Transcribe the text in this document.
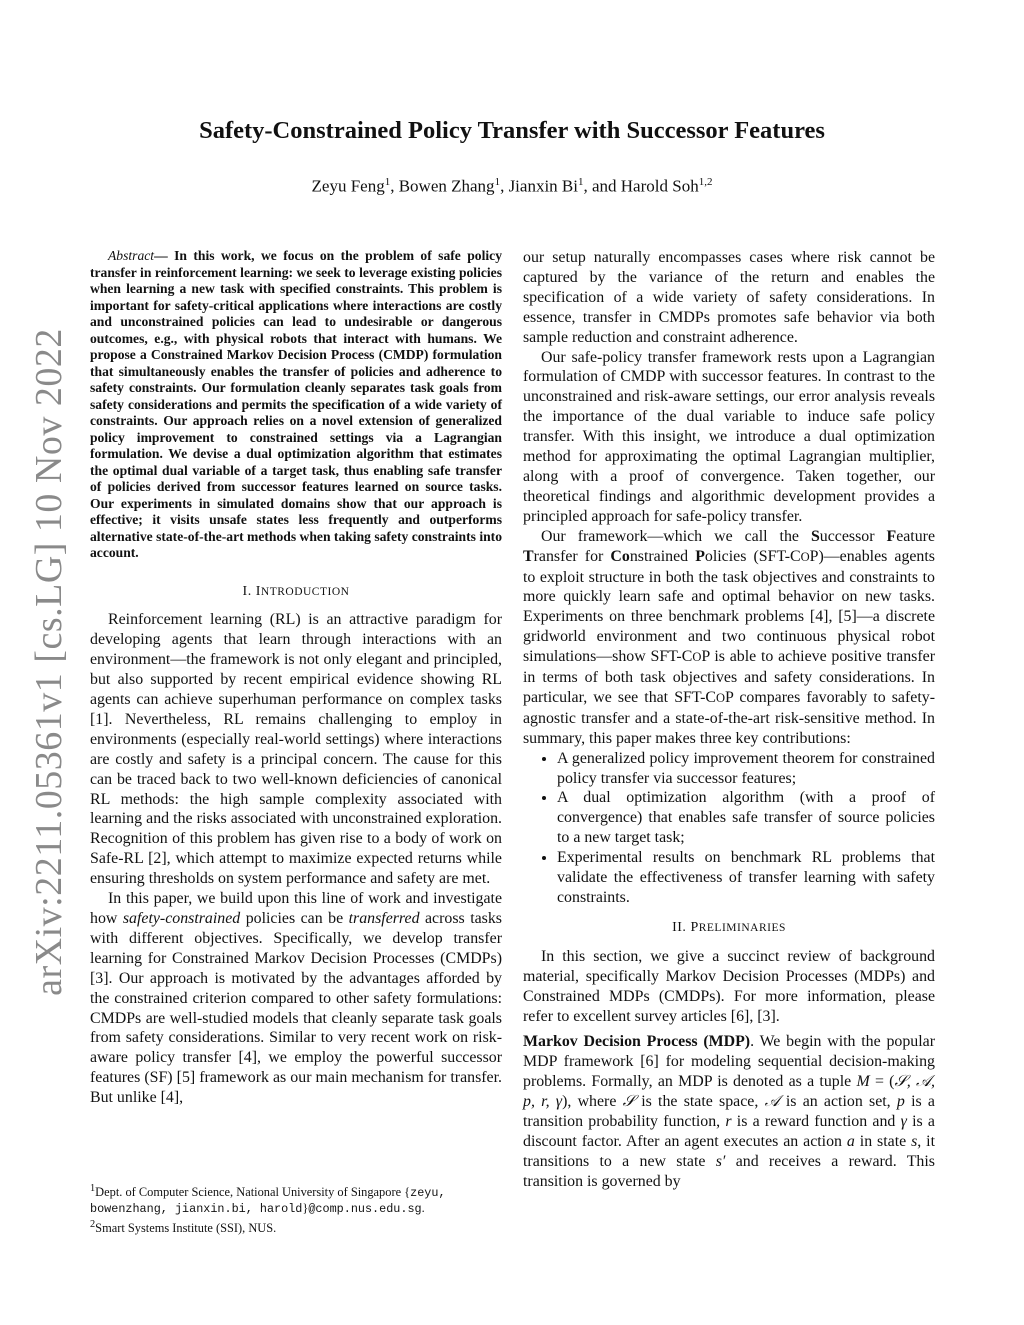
arXiv:2211.05361v1 [cs.LG] 10 Nov 2022
Safety-Constrained Policy Transfer with Successor Features
Zeyu Feng$^1$, Bowen Zhang$^1$, Jianxin Bi$^1$, and Harold Soh$^{1,2}$

Abstract— In this work, we focus on the problem of safe policy transfer in reinforcement learning: we seek to leverage existing policies when learning a new task with specified constraints. This problem is important for safety-critical applications where interactions are costly and unconstrained policies can lead to undesirable or dangerous outcomes, e.g., with physical robots that interact with humans. We propose a Constrained Markov Decision Process (CMDP) formulation that simultaneously enables the transfer of policies and adherence to safety constraints. Our formulation cleanly separates task goals from safety considerations and permits the specification of a wide variety of constraints. Our approach relies on a novel extension of generalized policy improvement to constrained settings via a Lagrangian formulation. We devise a dual optimization algorithm that estimates the optimal dual variable of a target task, thus enabling safe transfer of policies derived from successor features learned on source tasks. Our experiments in simulated domains show that our approach is effective; it visits unsafe states less frequently and outperforms alternative state-of-the-art methods when taking safety constraints into account.

I. INTRODUCTION

Reinforcement learning (RL) is an attractive paradigm for developing agents that learn through interactions with an environment—the framework is not only elegant and principled, but also supported by recent empirical evidence showing RL agents can achieve superhuman performance on complex tasks [1]. Nevertheless, RL remains challenging to employ in environments (especially real-world settings) where interactions are costly and safety is a principal concern. The cause for this can be traced back to two well-known deficiencies of canonical RL methods: the high sample complexity associated with learning and the risks associated with unconstrained exploration. Recognition of this problem has given rise to a body of work on Safe-RL [2], which attempt to maximize expected returns while ensuring thresholds on system performance and safety are met.

In this paper, we build upon this line of work and investigate how safety-constrained policies can be transferred across tasks with different objectives. Specifically, we develop transfer learning for Constrained Markov Decision Processes (CMDPs) [3]. Our approach is motivated by the advantages afforded by the constrained criterion compared to other safety formulations: CMDPs are well-studied models that cleanly separate task goals from safety considerations. Similar to very recent work on risk-aware policy transfer [4], we employ the powerful successor features (SF) [5] framework as our main mechanism for transfer. But unlike [4],

our setup naturally encompasses cases where risk cannot be captured by the variance of the return and enables the specification of a wide variety of safety considerations. In essence, transfer in CMDPs promotes safe behavior via both sample reduction and constraint adherence.

Our safe-policy transfer framework rests upon a Lagrangian formulation of CMDP with successor features. In contrast to the unconstrained and risk-aware settings, our error analysis reveals the importance of the dual variable to induce safe policy transfer. With this insight, we introduce a dual optimization method for approximating the optimal Lagrangian multiplier, along with a proof of convergence. Taken together, our theoretical findings and algorithmic development provides a principled approach for safe-policy transfer.

Our framework—which we call the Successor Feature Transfer for Constrained Policies (SFT-COP)—enables agents to exploit structure in both the task objectives and constraints to more quickly learn safe and optimal behavior on new tasks. Experiments on three benchmark problems [4], [5]—a discrete gridworld environment and two continuous physical robot simulations—show SFT-COP is able to achieve positive transfer in terms of both task objectives and safety considerations. In particular, we see that SFT-COP compares favorably to safety-agnostic transfer and a state-of-the-art risk-sensitive method. In summary, this paper makes three key contributions:

• A generalized policy improvement theorem for constrained policy transfer via successor features;
• A dual optimization algorithm (with a proof of convergence) that enables safe transfer of source policies to a new target task;
• Experimental results on benchmark RL problems that validate the effectiveness of transfer learning with safety constraints.
II. PRELIMINARIES

In this section, we give a succinct review of background material, specifically Markov Decision Processes (MDPs) and Constrained MDPs (CMDPs). For more information, please refer to excellent survey articles [6], [3].

Markov Decision Process (MDP). We begin with the popular MDP framework [6] for modeling sequential decision-making problems. Formally, an MDP is denoted as a tuple M = (𝒮, 𝒜, p, r, γ), where 𝒮 is the state space, 𝒜 is an action set, p is a transition probability function, r is a reward function and γ is a discount factor. After an agent executes an action a in state s, it transitions to a new state s′ and receives a reward. This transition is governed by

$^1$Dept. of Computer Science, National University of Singapore {zeyu,
bowenzhang, jianxin.bi, harold}@comp.nus.edu.sg.
$^2$Smart Systems Institute (SSI), NUS.
